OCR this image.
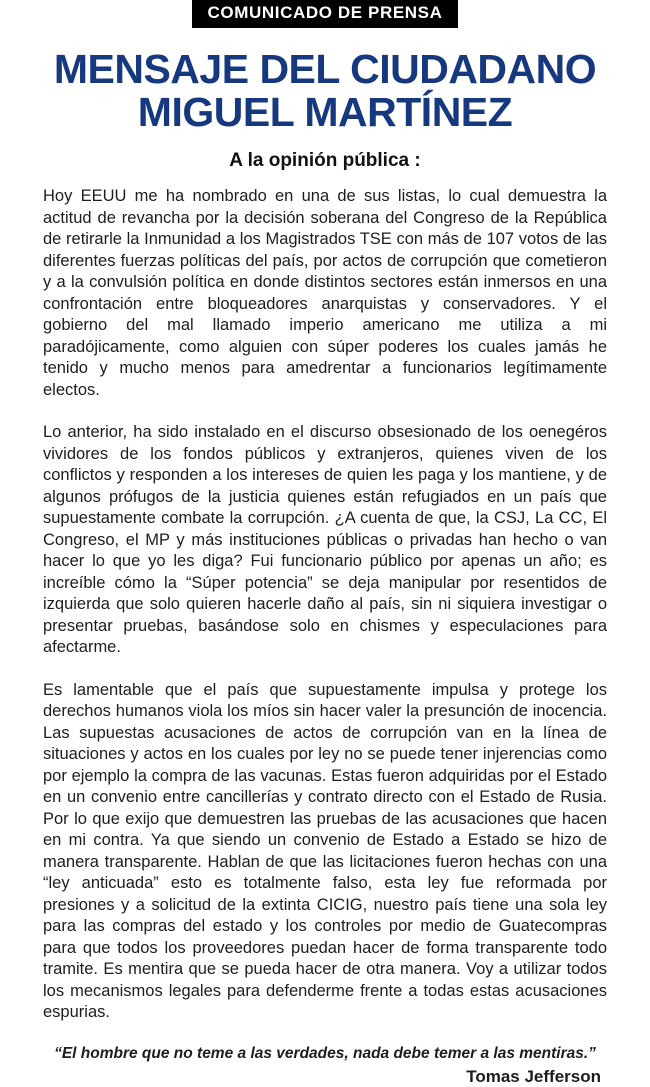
COMUNICADO DE PRENSA
MENSAJE DEL CIUDADANO
MIGUEL MARTÍNEZ
A la opinión pública :

Hoy EEUU me ha nombrado en una de sus listas, lo cual demuestra la actitud de revancha por la decisión soberana del Congreso de la República de retirarle la Inmunidad a los Magistrados TSE con más de 107 votos de las diferentes fuerzas políticas del país, por actos de corrupción que cometieron y a la convulsión política en donde distintos sectores están inmersos en una confrontación entre bloqueadores anarquistas y conservadores. Y el gobierno del mal llamado imperio americano me utiliza a mi paradójicamente, como alguien con súper poderes los cuales jamás he tenido y mucho menos para amedrentar a funcionarios legítimamente electos.

Lo anterior, ha sido instalado en el discurso obsesionado de los oenegéros vividores de los fondos públicos y extranjeros, quienes viven de los conflictos y responden a los intereses de quien les paga y los mantiene, y de algunos prófugos de la justicia quienes están refugiados en un país que supuestamente combate la corrupción. ¿A cuenta de que, la CSJ, La CC, El Congreso, el MP y más instituciones públicas o privadas han hecho o van hacer lo que yo les diga? Fui funcionario público por apenas un año; es increíble cómo la “Súper potencia” se deja manipular por resentidos de izquierda que solo quieren hacerle daño al país, sin ni siquiera investigar o presentar pruebas, basándose solo en chismes y especulaciones para afectarme.

Es lamentable que el país que supuestamente impulsa y protege los derechos humanos viola los míos sin hacer valer la presunción de inocencia. Las supuestas acusaciones de actos de corrupción van en la línea de situaciones y actos en los cuales por ley no se puede tener injerencias como por ejemplo la compra de las vacunas. Estas fueron adquiridas por el Estado en un convenio entre cancillerías y contrato directo con el Estado de Rusia. Por lo que exijo que demuestren las pruebas de las acusaciones que hacen en mi contra. Ya que siendo un convenio de Estado a Estado se hizo de manera transparente. Hablan de que las licitaciones fueron hechas con una “ley anticuada” esto es totalmente falso, esta ley fue reformada por presiones y a solicitud de la extinta CICIG, nuestro país tiene una sola ley para las compras del estado y los controles por medio de Guatecompras para que todos los proveedores puedan hacer de forma transparente todo tramite. Es mentira que se pueda hacer de otra manera. Voy a utilizar todos los mecanismos legales para defenderme frente a todas estas acusaciones espurias.

“El hombre que no teme a las verdades, nada debe temer a las mentiras.”
Tomas Jefferson
